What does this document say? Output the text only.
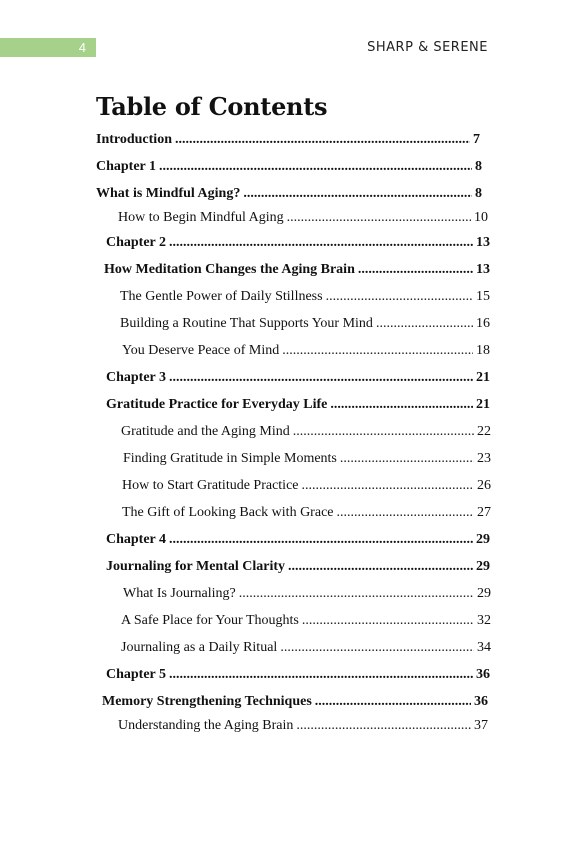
4	SHARP & SERENE
Table of Contents
Introduction .....	7
Chapter 1 .....	8
What is Mindful Aging? .....	8
How to Begin Mindful Aging .....	10
Chapter 2 .....	13
How Meditation Changes the Aging Brain .....	13
The Gentle Power of Daily Stillness .....	15
Building a Routine That Supports Your Mind .....	16
You Deserve Peace of Mind .....	18
Chapter 3 .....	21
Gratitude Practice for Everyday Life .....	21
Gratitude and the Aging Mind .....	22
Finding Gratitude in Simple Moments .....	23
How to Start Gratitude Practice .....	26
The Gift of Looking Back with Grace .....	27
Chapter 4 .....	29
Journaling for Mental Clarity .....	29
What Is Journaling? .....	29
A Safe Place for Your Thoughts .....	32
Journaling as a Daily Ritual .....	34
Chapter 5 .....	36
Memory Strengthening Techniques .....	36
Understanding the Aging Brain .....	37
